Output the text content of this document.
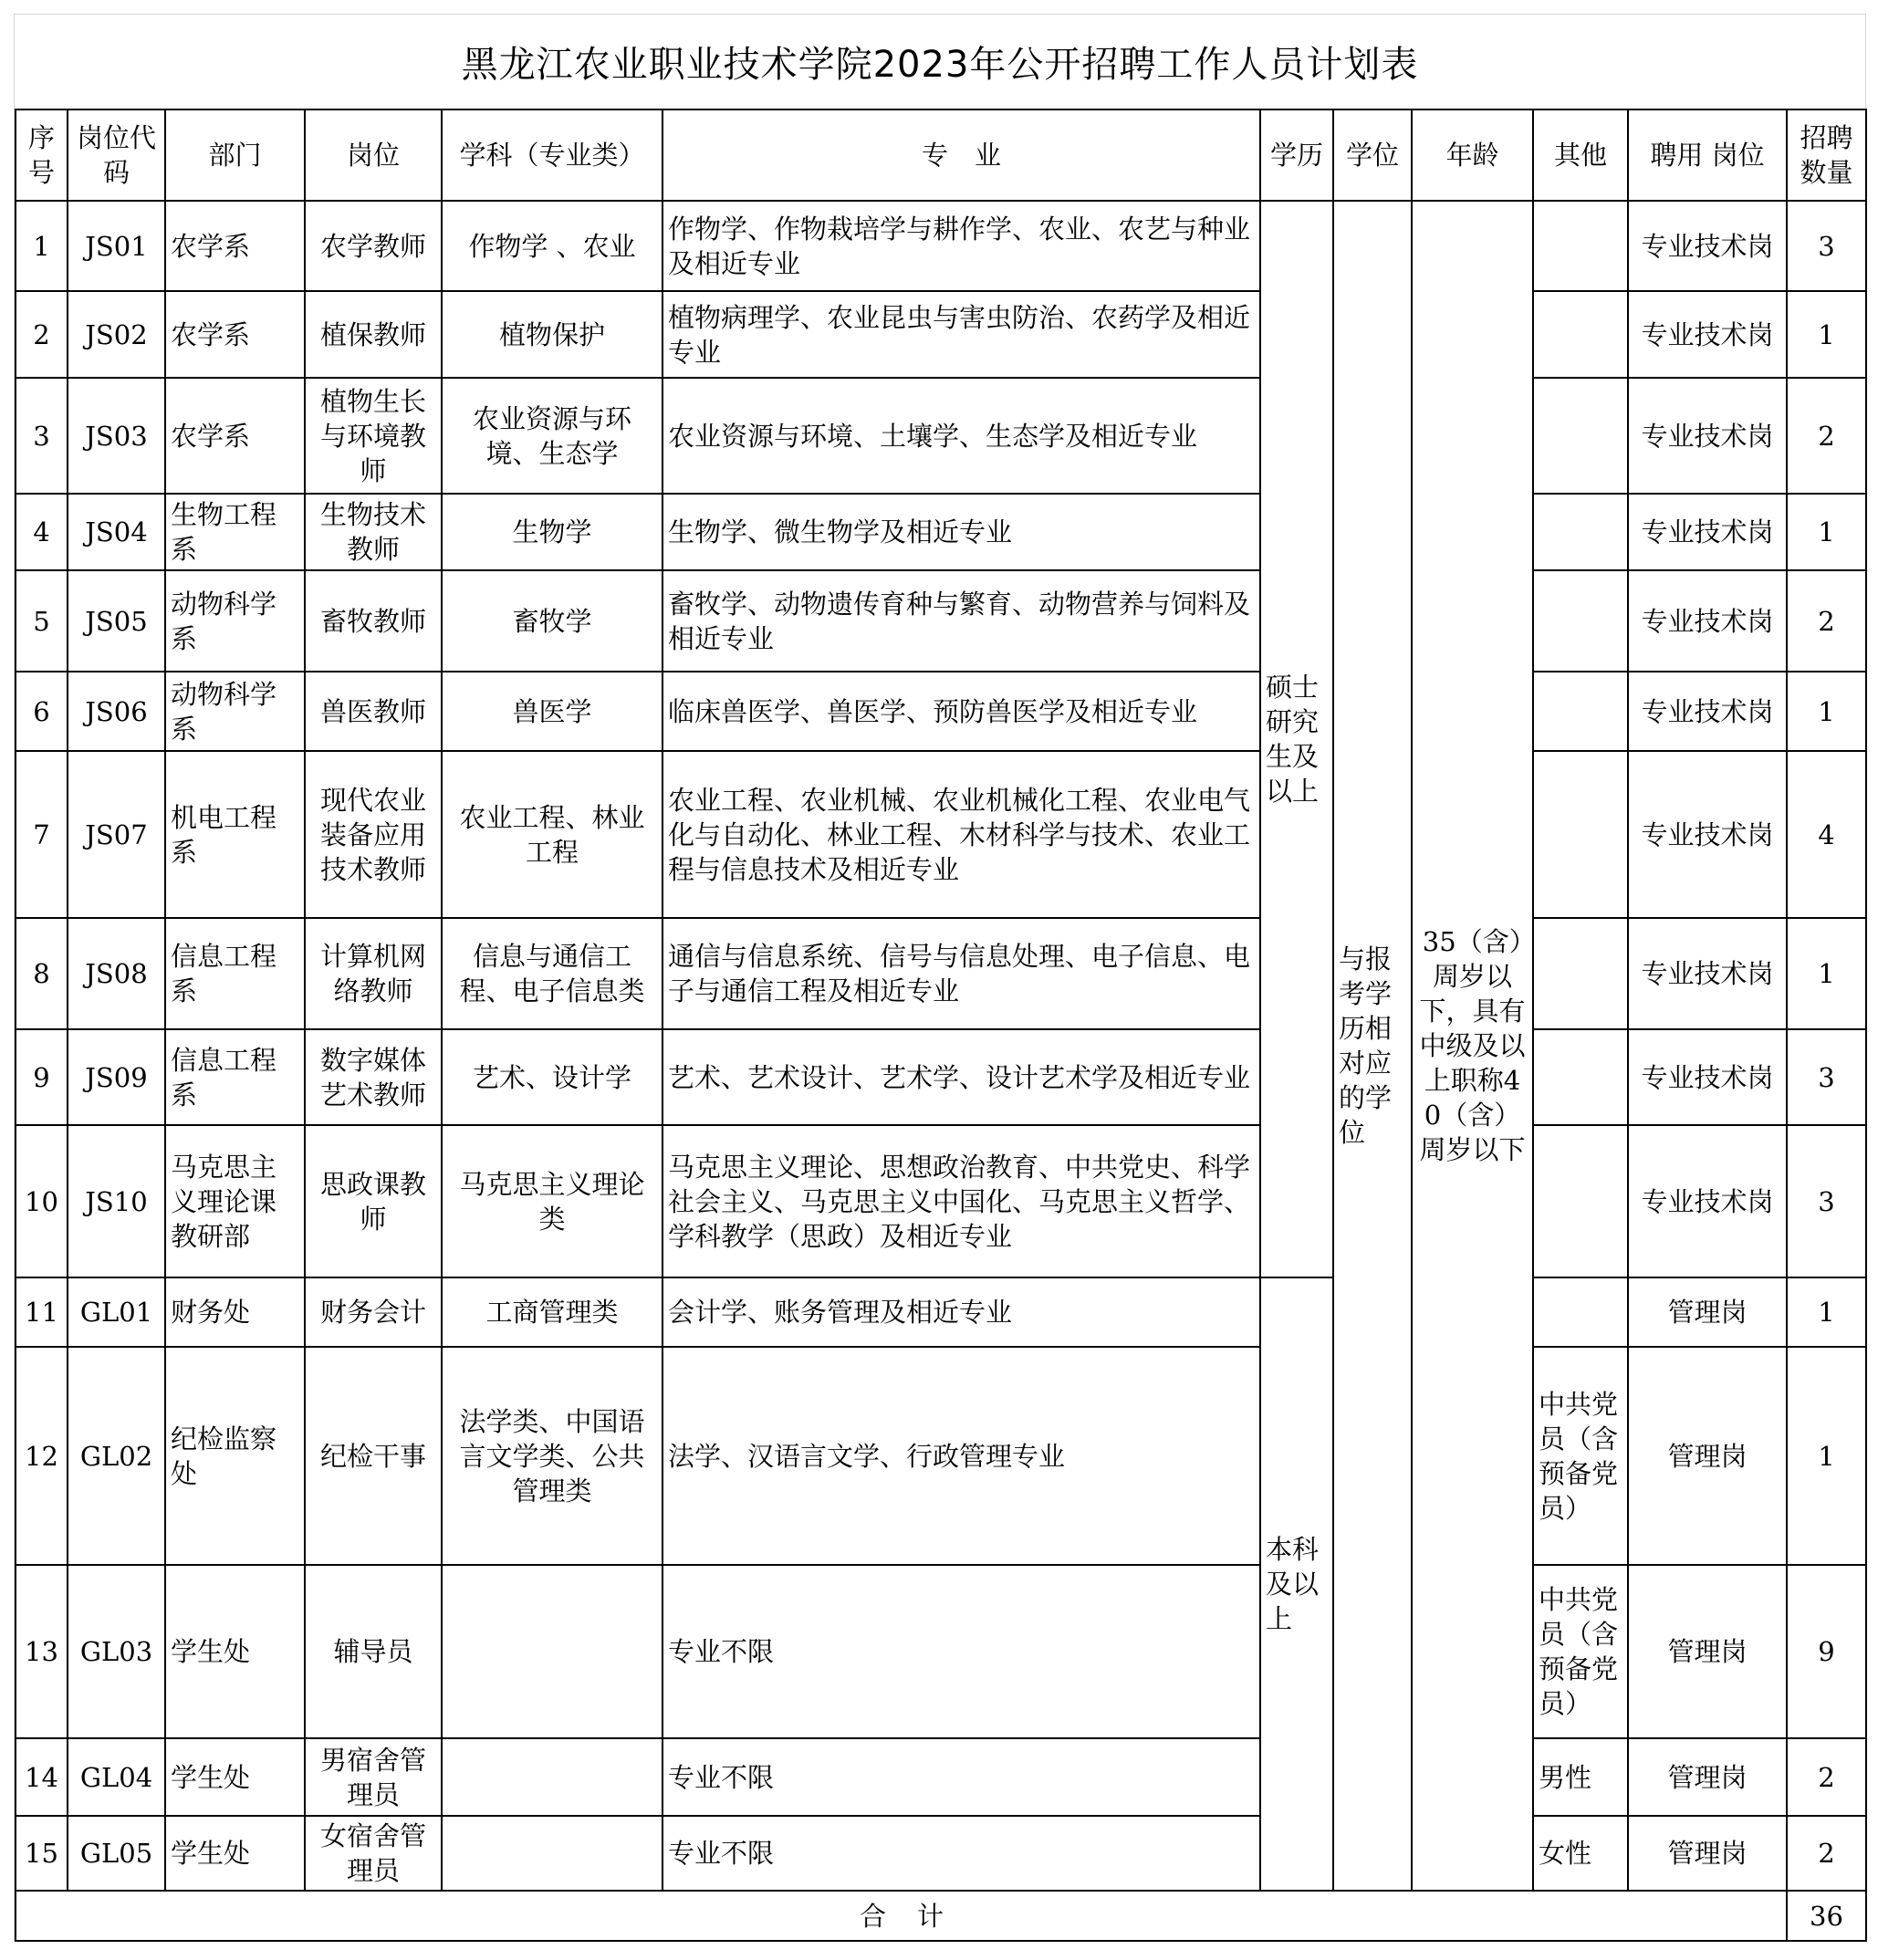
黑龙江农业职业技术学院2023年公开招聘工作人员计划表
序号	岗位代码	部门	岗位	学科（专业类）	专　业	学历	学位	年龄	其他	聘用 岗位	招聘数量
1	JS01	农学系	农学教师	作物学 、农业	作物学、作物栽培学与耕作学、农业、农艺与种业及相近专业	硕士研究生及以上	与报考学历相对应的学位	35（含）周岁以下，具有中级及以上职称40（含）周岁以下		专业技术岗	3
2	JS02	农学系	植保教师	植物保护	植物病理学、农业昆虫与害虫防治、农药学及相近专业					专业技术岗	1
3	JS03	农学系	植物生长与环境教师	农业资源与环境、生态学	农业资源与环境、土壤学、生态学及相近专业					专业技术岗	2
4	JS04	生物工程系	生物技术教师	生物学	生物学、微生物学及相近专业					专业技术岗	1
5	JS05	动物科学系	畜牧教师	畜牧学	畜牧学、动物遗传育种与繁育、动物营养与饲料及相近专业					专业技术岗	2
6	JS06	动物科学系	兽医教师	兽医学	临床兽医学、兽医学、预防兽医学及相近专业					专业技术岗	1
7	JS07	机电工程系	现代农业装备应用技术教师	农业工程、林业工程	农业工程、农业机械、农业机械化工程、农业电气化与自动化、林业工程、木材科学与技术、农业工程与信息技术及相近专业					专业技术岗	4
8	JS08	信息工程系	计算机网络教师	信息与通信工程、电子信息类	通信与信息系统、信号与信息处理、电子信息、电子与通信工程及相近专业					专业技术岗	1
9	JS09	信息工程系	数字媒体艺术教师	艺术、设计学	艺术、艺术设计、艺术学、设计艺术学及相近专业					专业技术岗	3
10	JS10	马克思主义理论课教研部	思政课教师	马克思主义理论类	马克思主义理论、思想政治教育、中共党史、科学社会主义、马克思主义中国化、马克思主义哲学、学科教学（思政）及相近专业					专业技术岗	3
11	GL01	财务处	财务会计	工商管理类	会计学、账务管理及相近专业	本科及以上				管理岗	1
12	GL02	纪检监察处	纪检干事	法学类、中国语言文学类、公共管理类	法学、汉语言文学、行政管理专业				中共党员（含预备党员）	管理岗	1
13	GL03	学生处	辅导员		专业不限				中共党员（含预备党员）	管理岗	9
14	GL04	学生处	男宿舍管理员		专业不限				男性	管理岗	2
15	GL05	学生处	女宿舍管理员		专业不限				女性	管理岗	2
合计											36
